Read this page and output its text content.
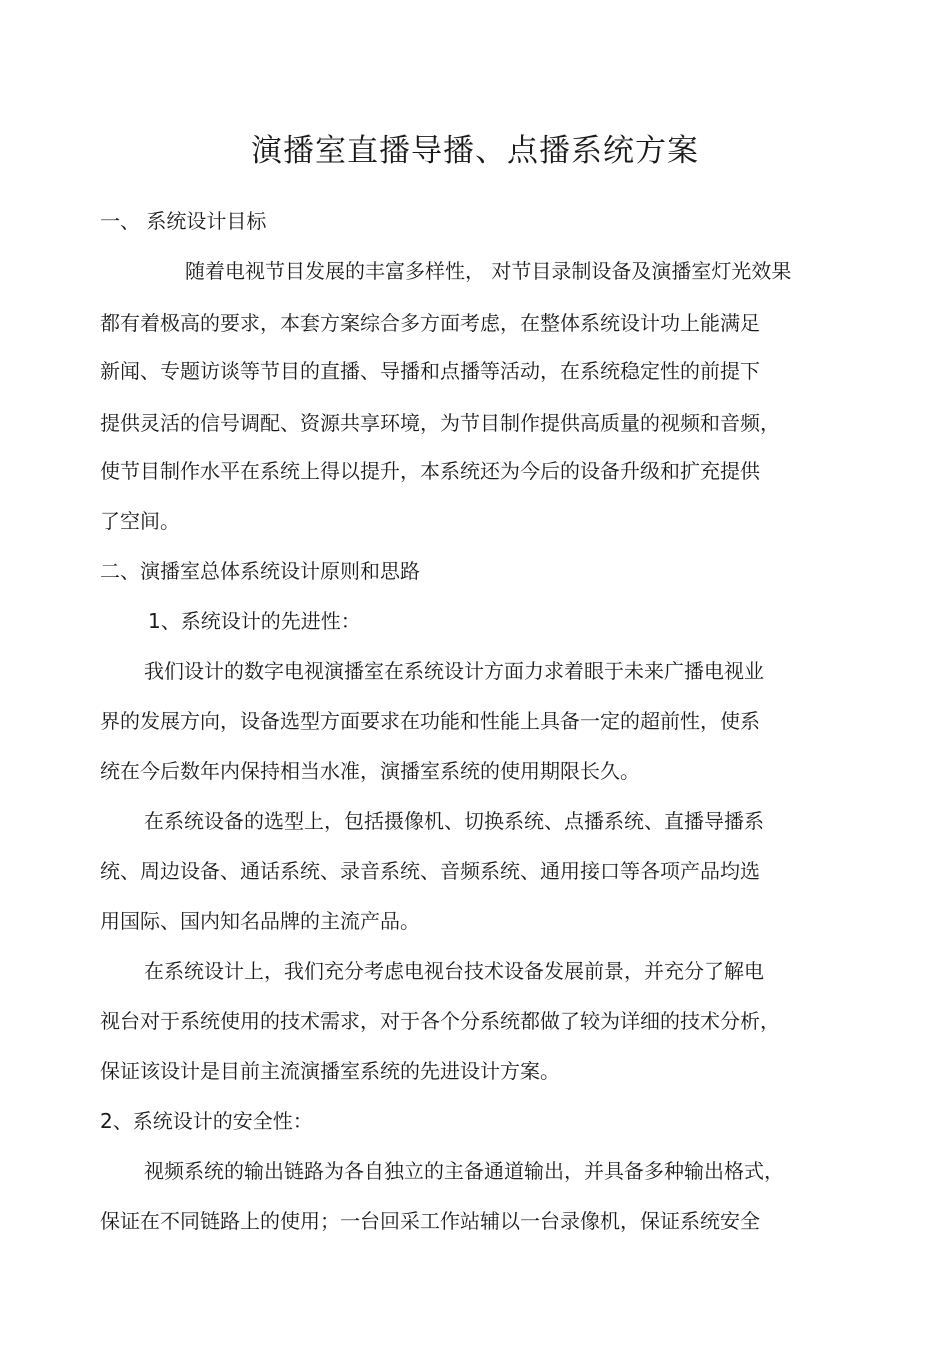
演播室直播导播、点播系统方案

一、 系统设计目标

随着电视节目发展的丰富多样性， 对节目录制设备及演播室灯光效果

都有着极高的要求，本套方案综合多方面考虑，在整体系统设计功上能满足

新闻、专题访谈等节目的直播、导播和点播等活动，在系统稳定性的前提下

提供灵活的信号调配、资源共享环境，为节目制作提供高质量的视频和音频，

使节目制作水平在系统上得以提升，本系统还为今后的设备升级和扩充提供

了空间。

二、演播室总体系统设计原则和思路

1、系统设计的先进性：

我们设计的数字电视演播室在系统设计方面力求着眼于未来广播电视业

界的发展方向，设备选型方面要求在功能和性能上具备一定的超前性，使系

统在今后数年内保持相当水准，演播室系统的使用期限长久。

在系统设备的选型上，包括摄像机、切换系统、点播系统、直播导播系

统、周边设备、通话系统、录音系统、音频系统、通用接口等各项产品均选

用国际、国内知名品牌的主流产品。

在系统设计上，我们充分考虑电视台技术设备发展前景，并充分了解电

视台对于系统使用的技术需求，对于各个分系统都做了较为详细的技术分析，

保证该设计是目前主流演播室系统的先进设计方案。

2、系统设计的安全性：

视频系统的输出链路为各自独立的主备通道输出，并具备多种输出格式，

保证在不同链路上的使用；一台回采工作站辅以一台录像机，保证系统安全
